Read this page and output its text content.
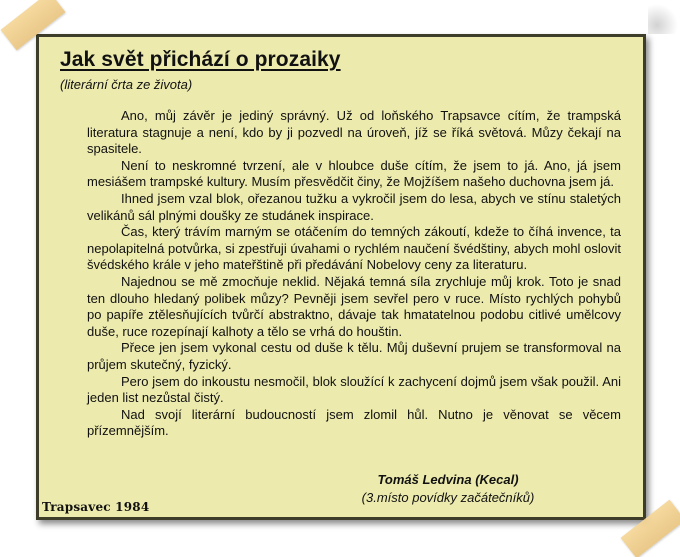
Jak svět přichází o prozaiky
(literární črta ze života)

Ano, můj závěr je jediný správný. Už od loňského Trapsavce cítím, že trampská literatura stagnuje a není, kdo by ji pozvedl na úroveň, jíž se říká světová. Můzy čekají na spasitele.

Není to neskromné tvrzení, ale v hloubce duše cítím, že jsem to já. Ano, já jsem mesiášem trampské kultury. Musím přesvědčit činy, že Mojžíšem našeho duchovna jsem já.

Ihned jsem vzal blok, ořezanou tužku a vykročil jsem do lesa, abych ve stínu staletých velikánů sál plnými doušky ze studánek inspirace.

Čas, který trávím marným se otáčením do temných zákoutí, kdeže to číhá invence, ta nepolapitelná potvůrka, si zpestřuji úvahami o rychlém naučení švédštiny, abych mohl oslovit švédského krále v jeho mateřštině při předávání Nobelovy ceny za literaturu.

Najednou se mě zmocňuje neklid. Nějaká temná síla zrychluje můj krok. Toto je snad ten dlouho hledaný polibek můzy? Pevněji jsem sevřel pero v ruce. Místo rychlých pohybů po papíře ztělesňujících tvůrčí abstraktno, dávaje tak hmatatelnou podobu citlivé umělcovy duše, ruce rozepínají kalhoty a tělo se vrhá do houštin.

Přece jen jsem vykonal cestu od duše k tělu. Můj duševní prujem se transformoval na průjem skutečný, fyzický.

Pero jsem do inkoustu nesmočil, blok sloužící k zachycení dojmů jsem však použil. Ani jeden list nezůstal čistý.

Nad svojí literární budoucností jsem zlomil hůl. Nutno je věnovat se věcem přízemnějším.

Tomáš Ledvina (Kecal)
(3.místo povídky začátečníků)
Trapsavec 1984
